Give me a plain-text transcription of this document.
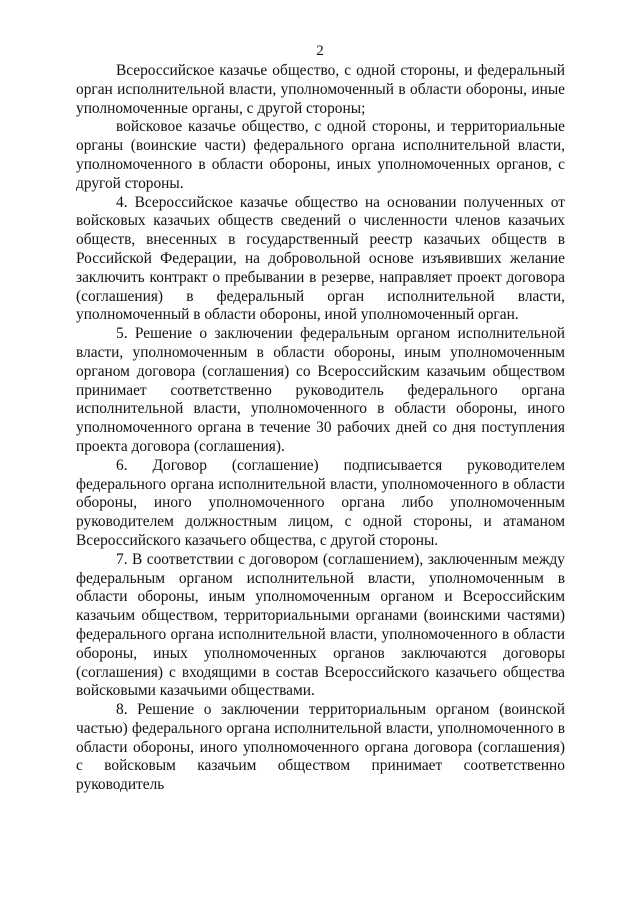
2

Всероссийское казачье общество, с одной стороны, и федеральный орган исполнительной власти, уполномоченный в области обороны, иные уполномоченные органы, с другой стороны;

войсковое казачье общество, с одной стороны, и территориальные органы (воинские части) федерального органа исполнительной власти, уполномоченного в области обороны, иных уполномоченных органов, с другой стороны.

4. Всероссийское казачье общество на основании полученных от войсковых казачьих обществ сведений о численности членов казачьих обществ, внесенных в государственный реестр казачьих обществ в Российской Федерации, на добровольной основе изъявивших желание заключить контракт о пребывании в резерве, направляет проект договора (соглашения) в федеральный орган исполнительной власти, уполномоченный в области обороны, иной уполномоченный орган.

5. Решение о заключении федеральным органом исполнительной власти, уполномоченным в области обороны, иным уполномоченным органом договора (соглашения) со Всероссийским казачьим обществом принимает соответственно руководитель федерального органа исполнительной власти, уполномоченного в области обороны, иного уполномоченного органа в течение 30 рабочих дней со дня поступления проекта договора (соглашения).

6. Договор (соглашение) подписывается руководителем федерального органа исполнительной власти, уполномоченного в области обороны, иного уполномоченного органа либо уполномоченным руководителем должностным лицом, с одной стороны, и атаманом Всероссийского казачьего общества, с другой стороны.

7. В соответствии с договором (соглашением), заключенным между федеральным органом исполнительной власти, уполномоченным в области обороны, иным уполномоченным органом и Всероссийским казачьим обществом, территориальными органами (воинскими частями) федерального органа исполнительной власти, уполномоченного в области обороны, иных уполномоченных органов заключаются договоры (соглашения) с входящими в состав Всероссийского казачьего общества войсковыми казачьими обществами.

8. Решение о заключении территориальным органом (воинской частью) федерального органа исполнительной власти, уполномоченного в области обороны, иного уполномоченного органа договора (соглашения) с войсковым казачьим обществом принимает соответственно руководитель
